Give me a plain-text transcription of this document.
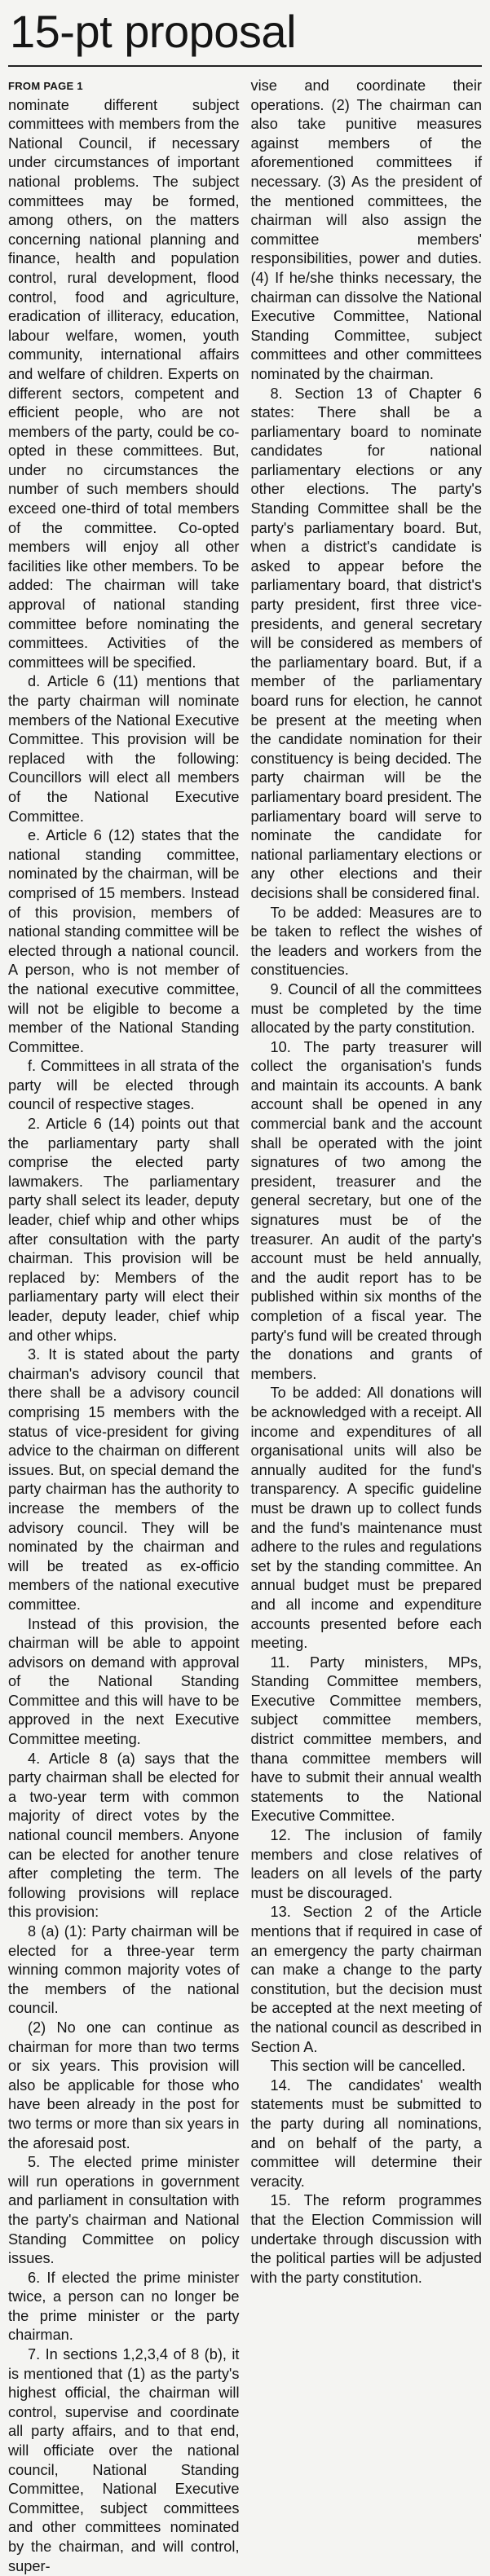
15-pt proposal

FROM PAGE 1

nominate different subject committees with members from the National Council, if necessary under circumstances of important national problems. The subject committees may be formed, among others, on the matters concerning national planning and finance, health and population control, rural development, flood control, food and agriculture, eradication of illiteracy, education, labour welfare, women, youth community, international affairs and welfare of children. Experts on different sectors, competent and efficient people, who are not members of the party, could be co-opted in these committees. But, under no circumstances the number of such members should exceed one-third of total members of the committee. Co-opted members will enjoy all other facilities like other members. To be added: The chairman will take approval of national standing committee before nominating the committees. Activities of the committees will be specified.

d. Article 6 (11) mentions that the party chairman will nominate members of the National Executive Committee. This provision will be replaced with the following: Councillors will elect all members of the National Executive Committee.

e. Article 6 (12) states that the national standing committee, nominated by the chairman, will be comprised of 15 members. Instead of this provision, members of national standing committee will be elected through a national council. A person, who is not member of the national executive committee, will not be eligible to become a member of the National Standing Committee.

f. Committees in all strata of the party will be elected through council of respective stages.

2. Article 6 (14) points out that the parliamentary party shall comprise the elected party lawmakers. The parliamentary party shall select its leader, deputy leader, chief whip and other whips after consultation with the party chairman. This provision will be replaced by: Members of the parliamentary party will elect their leader, deputy leader, chief whip and other whips.

3. It is stated about the party chairman's advisory council that there shall be a advisory council comprising 15 members with the status of vice-president for giving advice to the chairman on different issues. But, on special demand the party chairman has the authority to increase the members of the advisory council. They will be nominated by the chairman and will be treated as ex-officio members of the national executive committee.

Instead of this provision, the chairman will be able to appoint advisors on demand with approval of the National Standing Committee and this will have to be approved in the next Executive Committee meeting.

4. Article 8 (a) says that the party chairman shall be elected for a two-year term with common majority of direct votes by the national council members. Anyone can be elected for another tenure after completing the term. The following provisions will replace this provision:

8 (a) (1): Party chairman will be elected for a three-year term winning common majority votes of the members of the national council.

(2) No one can continue as chairman for more than two terms or six years. This provision will also be applicable for those who have been already in the post for two terms or more than six years in the aforesaid post.

5. The elected prime minister will run operations in government and parliament in consultation with the party's chairman and National Standing Committee on policy issues.

6. If elected the prime minister twice, a person can no longer be the prime minister or the party chairman.

7. In sections 1,2,3,4 of 8 (b), it is mentioned that (1) as the party's highest official, the chairman will control, supervise and coordinate all party affairs, and to that end, will officiate over the national council, National Standing Committee, National Executive Committee, subject committees and other committees nominated by the chairman, and will control, super-

vise and coordinate their operations. (2) The chairman can also take punitive measures against members of the aforementioned committees if necessary. (3) As the president of the mentioned committees, the chairman will also assign the committee members' responsibilities, power and duties. (4) If he/she thinks necessary, the chairman can dissolve the National Executive Committee, National Standing Committee, subject committees and other committees nominated by the chairman.

8. Section 13 of Chapter 6 states: There shall be a parliamentary board to nominate candidates for national parliamentary elections or any other elections. The party's Standing Committee shall be the party's parliamentary board. But, when a district's candidate is asked to appear before the parliamentary board, that district's party president, first three vice-presidents, and general secretary will be considered as members of the parliamentary board. But, if a member of the parliamentary board runs for election, he cannot be present at the meeting when the candidate nomination for their constituency is being decided. The party chairman will be the parliamentary board president. The parliamentary board will serve to nominate the candidate for national parliamentary elections or any other elections and their decisions shall be considered final.

To be added: Measures are to be taken to reflect the wishes of the leaders and workers from the constituencies.

9. Council of all the committees must be completed by the time allocated by the party constitution.

10. The party treasurer will collect the organisation's funds and maintain its accounts. A bank account shall be opened in any commercial bank and the account shall be operated with the joint signatures of two among the president, treasurer and the general secretary, but one of the signatures must be of the treasurer. An audit of the party's account must be held annually, and the audit report has to be published within six months of the completion of a fiscal year. The party's fund will be created through the donations and grants of members.

To be added: All donations will be acknowledged with a receipt. All income and expenditures of all organisational units will also be annually audited for the fund's transparency. A specific guideline must be drawn up to collect funds and the fund's maintenance must adhere to the rules and regulations set by the standing committee. An annual budget must be prepared and all income and expenditure accounts presented before each meeting.

11. Party ministers, MPs, Standing Committee members, Executive Committee members, subject committee members, district committee members, and thana committee members will have to submit their annual wealth statements to the National Executive Committee.

12. The inclusion of family members and close relatives of leaders on all levels of the party must be discouraged.

13. Section 2 of the Article mentions that if required in case of an emergency the party chairman can make a change to the party constitution, but the decision must be accepted at the next meeting of the national council as described in Section A.

This section will be cancelled.

14. The candidates' wealth statements must be submitted to the party during all nominations, and on behalf of the party, a committee will determine their veracity.

15. The reform programmes that the Election Commission will undertake through discussion with the political parties will be adjusted with the party constitution.
